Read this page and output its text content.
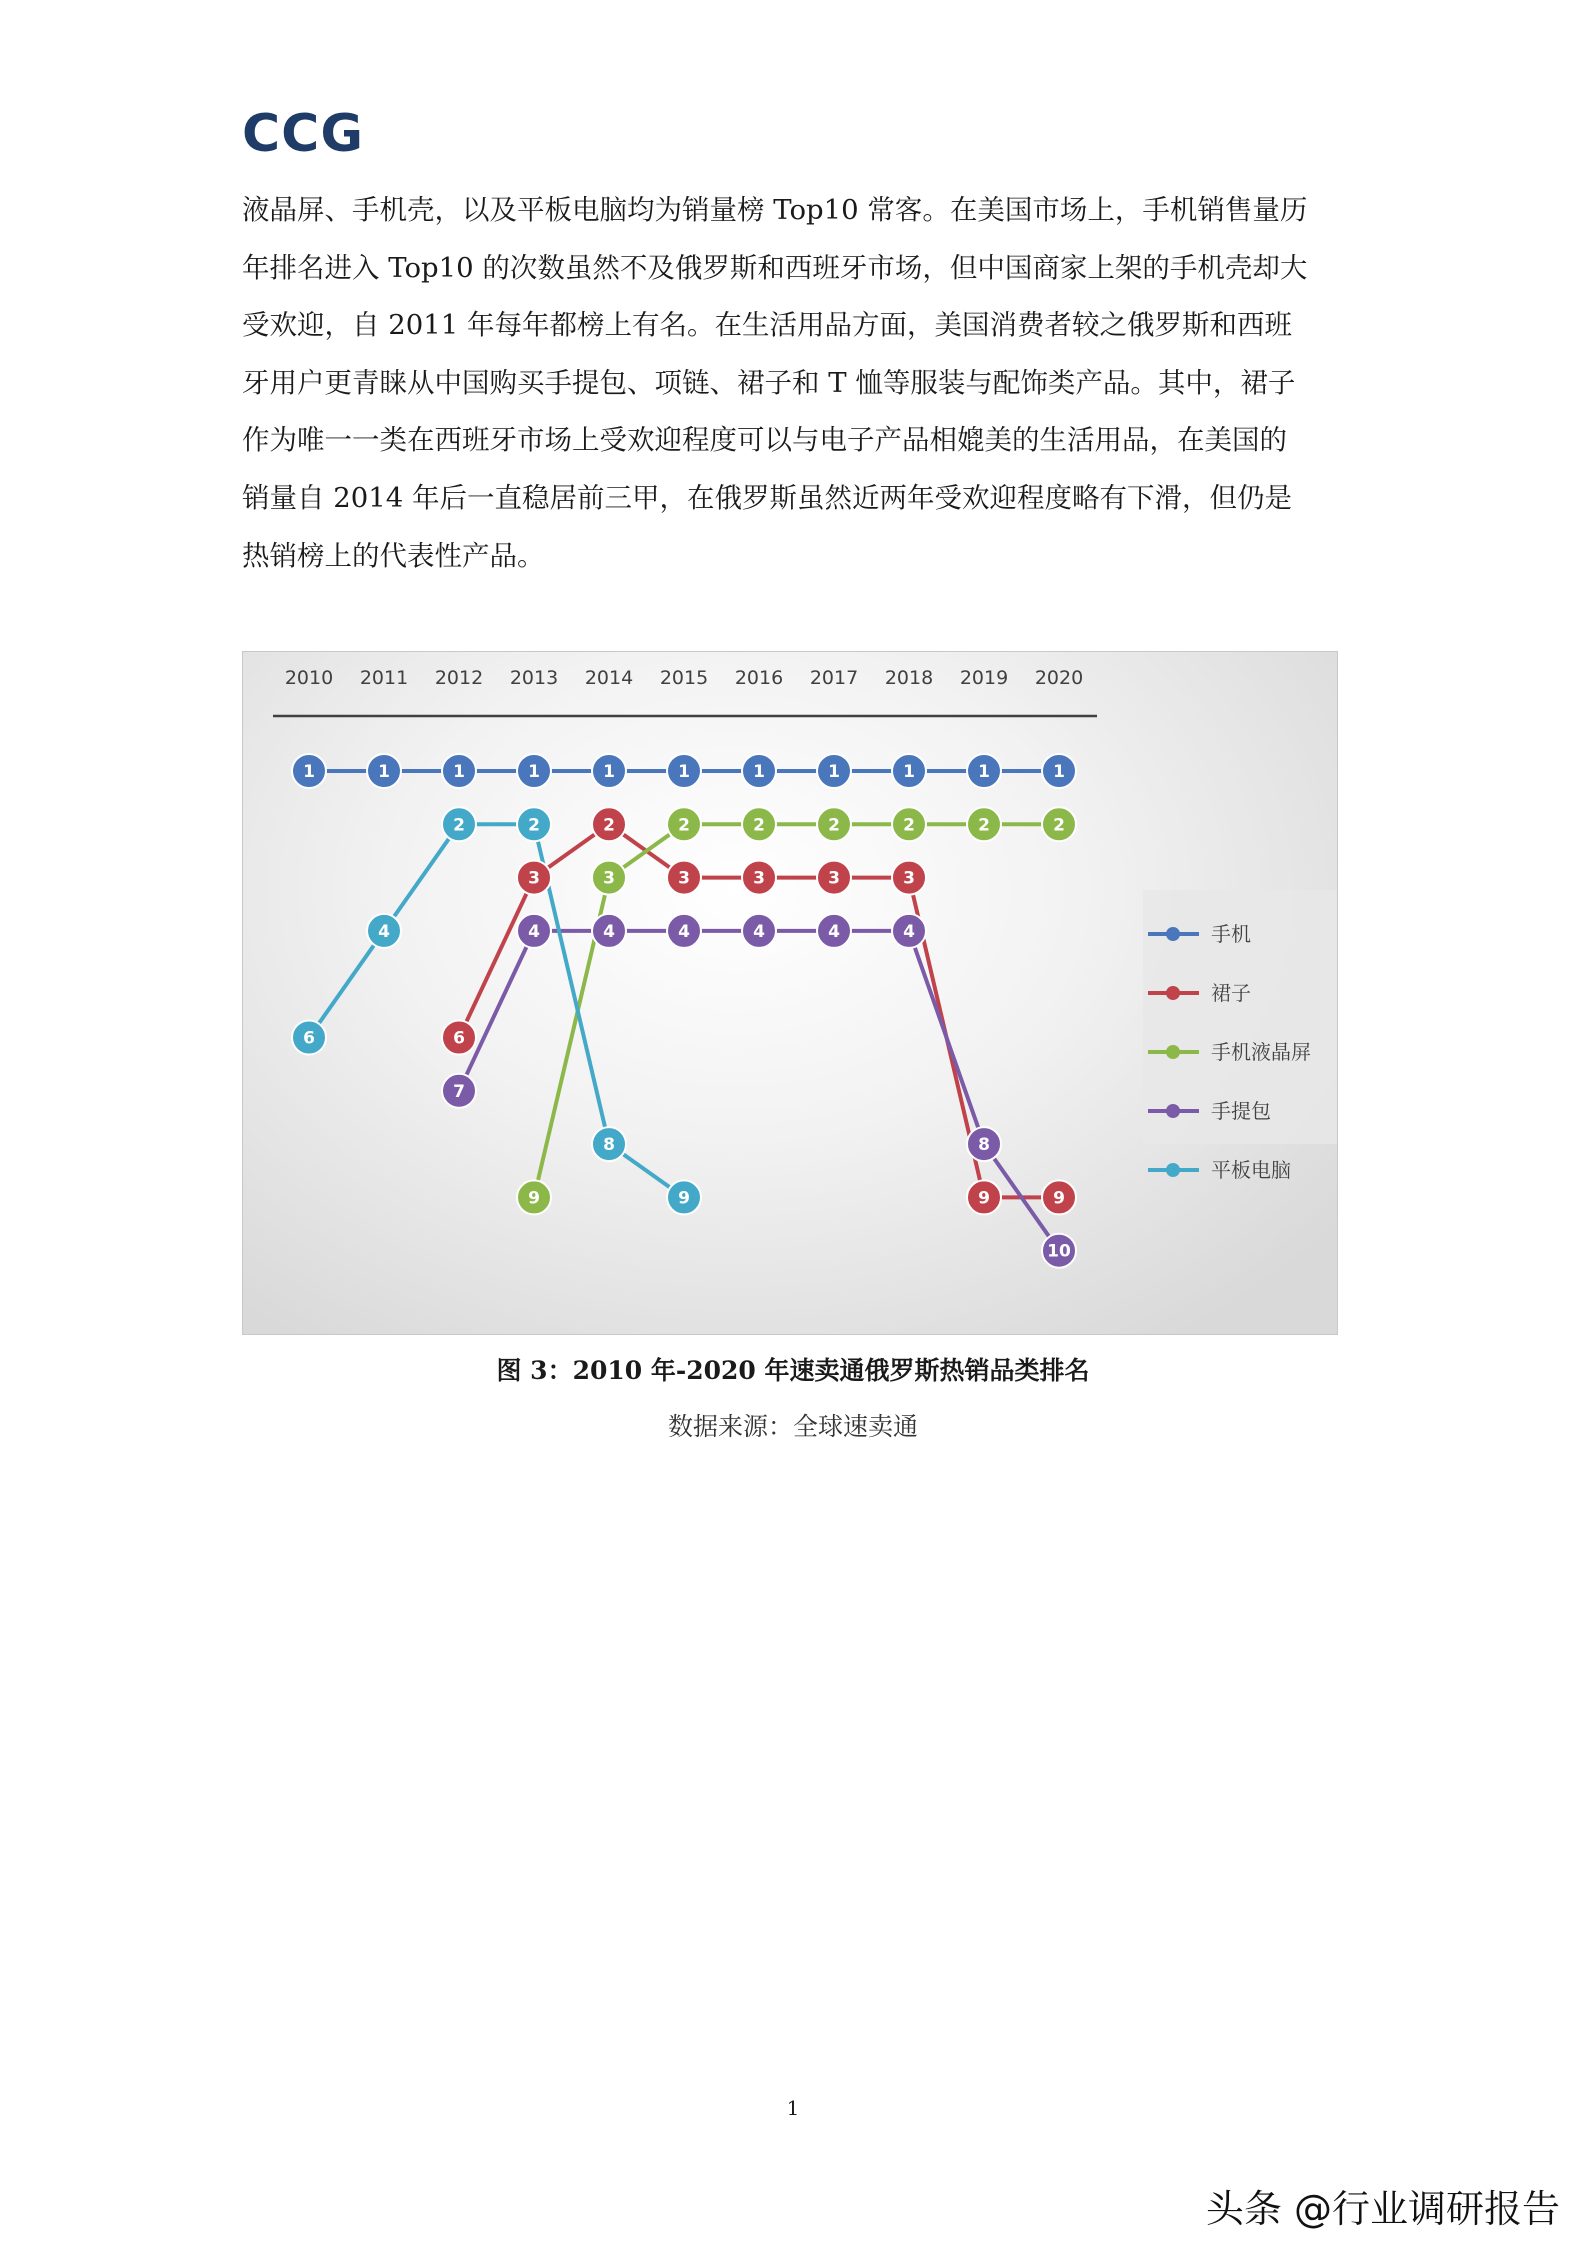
CCG
液晶屏、手机壳，以及平板电脑均为销量榜 Top10 常客。在美国市场上，手机销售量历
年排名进入 Top10 的次数虽然不及俄罗斯和西班牙市场，但中国商家上架的手机壳却大
受欢迎，自 2011 年每年都榜上有名。在生活用品方面，美国消费者较之俄罗斯和西班
牙用户更青睐从中国购买手提包、项链、裙子和 T 恤等服装与配饰类产品。其中，裙子
作为唯一一类在西班牙市场上受欢迎程度可以与电子产品相媲美的生活用品，在美国的
销量自 2014 年后一直稳居前三甲，在俄罗斯虽然近两年受欢迎程度略有下滑，但仍是
热销榜上的代表性产品。
2010 2011 2012 2013 2014 2015 2016 2017 2018 2019 2020
1	1	1	1	1	1	1	1	1	1	1
6
3
2
3	3	3	3
9	9
9
3
2	2	2	2	2	2
7
4	4	4	4	4	4
8
10
6
4
2	2
8
9
手机
裙子
手机液晶屏
手提包
平板电脑
图 3：2010 年-2020 年速卖通俄罗斯热销品类排名
数据来源：全球速卖通
1
头条 @行业调研报告
